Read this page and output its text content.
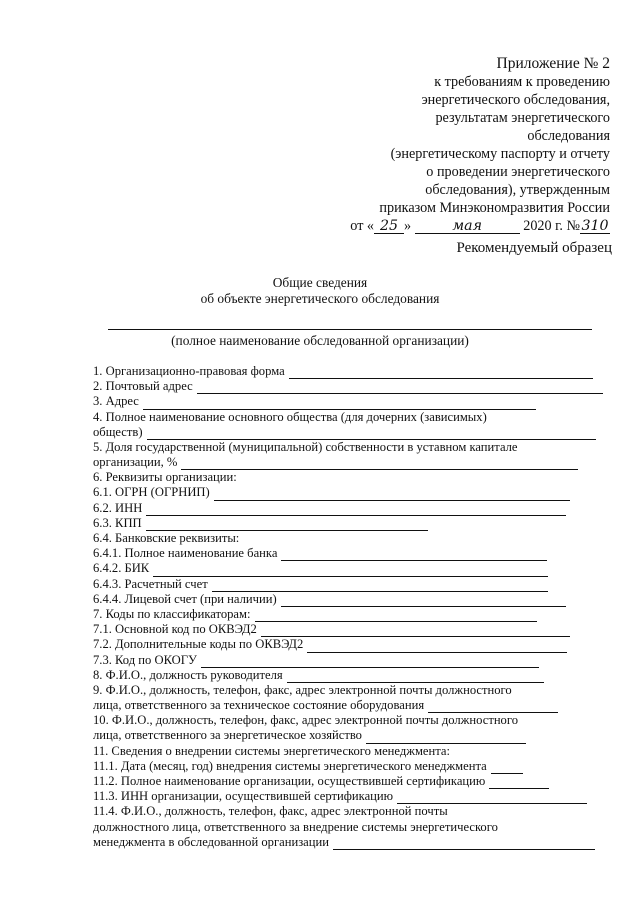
Приложение № 2
к требованиям к проведению
энергетического обследования,
результатам энергетического
обследования
(энергетическому паспорту и отчету
о проведении энергетического
обследования), утвержденным
приказом Минэкономразвития России
от « 25 »	мая	2020 г. №310
Рекомендуемый образец
Общие сведения
об объекте энергетического обследования
(полное наименование обследованной организации)
1. Организационно-правовая форма
2. Почтовый адрес
3. Адрес
4. Полное наименование основного общества (для дочерних (зависимых)
обществ)
5. Доля государственной (муниципальной) собственности в уставном капитале
организации, %
6. Реквизиты организации:
6.1. ОГРН (ОГРНИП)
6.2. ИНН
6.3. КПП
6.4. Банковские реквизиты:
6.4.1. Полное наименование банка
6.4.2. БИК
6.4.3. Расчетный счет
6.4.4. Лицевой счет (при наличии)
7. Коды по классификаторам:
7.1. Основной код по ОКВЭД2
7.2. Дополнительные коды по ОКВЭД2
7.3. Код по ОКОГУ
8. Ф.И.О., должность руководителя
9. Ф.И.О., должность, телефон, факс, адрес электронной почты должностного
лица, ответственного за техническое состояние оборудования
10. Ф.И.О., должность, телефон, факс, адрес электронной почты должностного
лица, ответственного за энергетическое хозяйство
11. Сведения о внедрении системы энергетического менеджмента:
11.1. Дата (месяц, год) внедрения системы энергетического менеджмента
11.2. Полное наименование организации, осуществившей сертификацию
11.3. ИНН организации, осуществившей сертификацию
11.4. Ф.И.О., должность, телефон, факс, адрес электронной почты
должностного лица, ответственного за внедрение системы энергетического
менеджмента в обследованной организации
